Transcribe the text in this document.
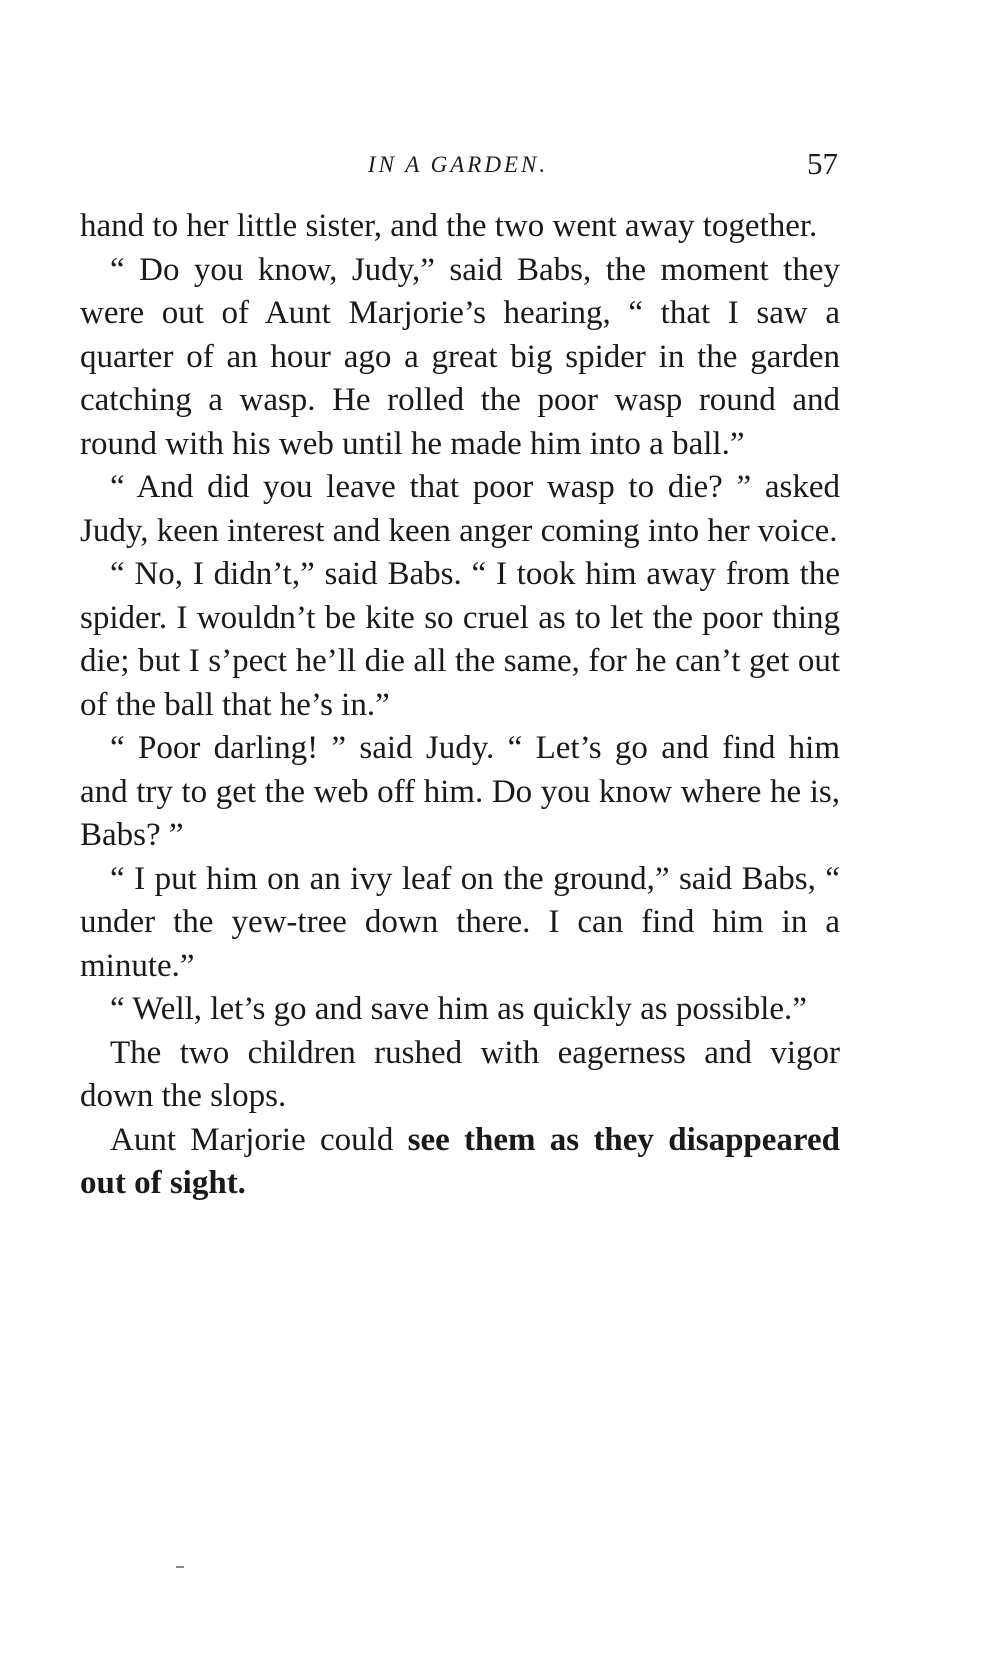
IN A GARDEN.	57

hand to her little sister, and the two went away together.

“ Do you know, Judy,” said Babs, the moment they were out of Aunt Marjorie’s hearing, “ that I saw a quarter of an hour ago a great big spider in the garden catching a wasp. He rolled the poor wasp round and round with his web until he made him into a ball.”

“ And did you leave that poor wasp to die? ” asked Judy, keen interest and keen anger coming into her voice.

“ No, I didn’t,” said Babs. “ I took him away from the spider. I wouldn’t be kite so cruel as to let the poor thing die; but I s’pect he’ll die all the same, for he can’t get out of the ball that he’s in.”

“ Poor darling! ” said Judy. “ Let’s go and find him and try to get the web off him. Do you know where he is, Babs? ”

“ I put him on an ivy leaf on the ground,” said Babs, “ under the yew-tree down there. I can find him in a minute.”

“ Well, let’s go and save him as quickly as possible.”

The two children rushed with eagerness and vigor down the slops.

Aunt Marjorie could see them as they disappeared out of sight.
